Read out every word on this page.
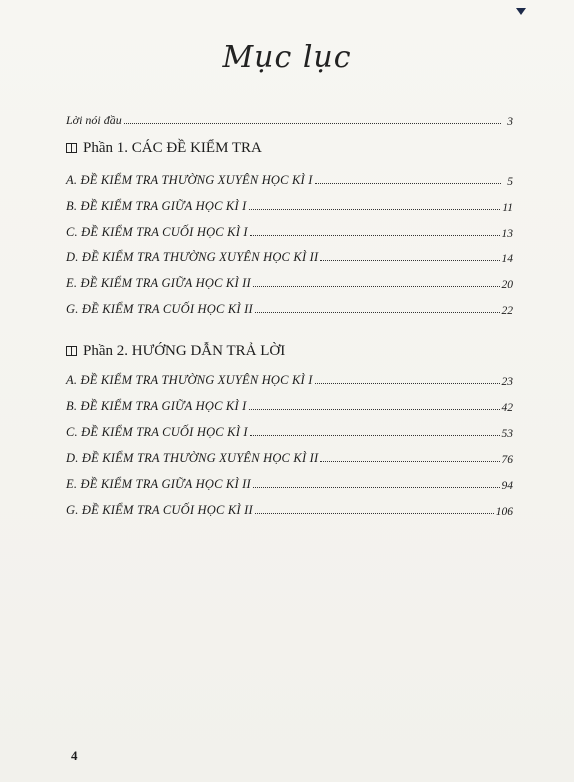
Mục lục
Lời nói đầu	3
Phần 1. CÁC ĐỀ KIỂM TRA
A. ĐỀ KIỂM TRA THƯỜNG XUYÊN HỌC KÌ I	5
B. ĐỀ KIỂM TRA GIỮA HỌC KÌ I	11
C. ĐỀ KIỂM TRA CUỐI HỌC KÌ I	13
D. ĐỀ KIỂM TRA THƯỜNG XUYÊN HỌC KÌ II	14
E. ĐỀ KIỂM TRA GIỮA HỌC KÌ II	20
G. ĐỀ KIỂM TRA CUỐI HỌC KÌ II	22
Phần 2. HƯỚNG DẪN TRẢ LỜI
A. ĐỀ KIỂM TRA THƯỜNG XUYÊN HỌC KÌ I	23
B. ĐỀ KIỂM TRA GIỮA HỌC KÌ I	42
C. ĐỀ KIỂM TRA CUỐI HỌC KÌ I	53
D. ĐỀ KIỂM TRA THƯỜNG XUYÊN HỌC KÌ II	76
E. ĐỀ KIỂM TRA GIỮA HỌC KÌ II	94
G. ĐỀ KIỂM TRA CUỐI HỌC KÌ II	106
4
